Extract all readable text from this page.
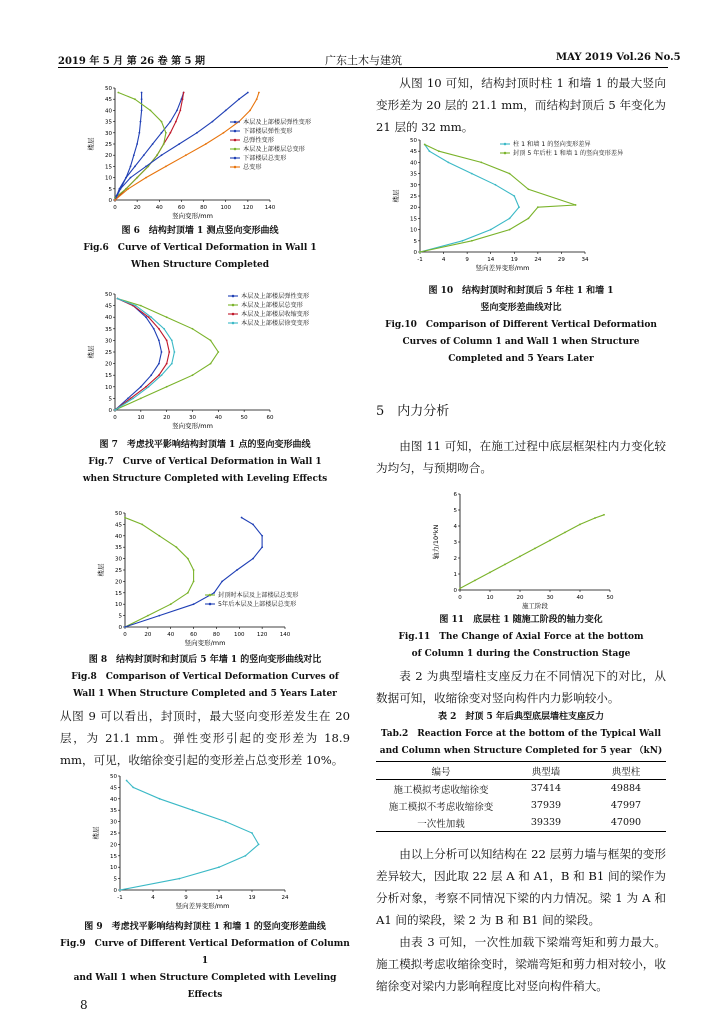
2019 年 5 月 第 26 卷 第 5 期	广东土木与建筑	MAY 2019 Vol.26 No.5
0	20	40	60	80 100 120 140
0
5
10
15
20
25
30
35
40
45
50
竖向变形/mm
楼层
本层及上部楼层弹性变形
下部楼层弹性变形
总弹性变形
本层及上部楼层总变形
下部楼层总变形
总变形
图 6　结构封顶墙 1 测点竖向变形曲线
Fig.6　Curve of Vertical Deformation in Wall 1
When Structure Completed
0	10	20	30	40	50	60
0
5
10
15
20
25
30
35
40
45
50
竖向变形/mm
楼层
本层及上部楼层弹性变形
本层及上部楼层总变形
本层及上部楼层收缩变形
本层及上部楼层徐变变形
图 7　考虑找平影响结构封顶墙 1 点的竖向变形曲线
Fig.7　Curve of Vertical Deformation in Wall 1
when Structure Completed with Leveling Effects
0	20	40	60	80	100 120 140
0
5
10
15
20
25
30
35
40
45
50
竖向变形/mm
楼层
封顶时本层及上部楼层总变形
5年后本层及上部楼层总变形
图 8　结构封顶时和封顶后 5 年墙 1 的竖向变形曲线对比
Fig.8　Comparison of Vertical Deformation Curves of
Wall 1 When Structure Completed and 5 Years Later
从图 9 可以看出，封顶时，最大竖向变形差发生在 20 层，为 21.1 mm。弹性变形引起的变形差为 18.9 mm，可见，收缩徐变引起的变形差占总变形差 10%。
-1	4	9	14	19	24
0
5
10
15
20
25
30
35
40
45
50
竖向差异变形/mm
楼层
图 9　考虑找平影响结构封顶柱 1 和墙 1 的竖向变形差曲线
Fig.9　Curve of Different Vertical Deformation of Column 1
and Wall 1 when Structure Completed with Leveling Effects
8
从图 10 可知，结构封顶时柱 1 和墙 1 的最大竖向变形差为 20 层的 21.1 mm，而结构封顶后 5 年变化为 21 层的 32 mm。
-1	4	9	14	19	24	29	34
0
5
10
15
20
25
30
35
40
45
50
竖向差异变形/mm
楼层
柱 1 和墙 1 的竖向变形差异
封顶 5 年后柱 1 和墙 1 的竖向变形差异
图 10　结构封顶时和封顶后 5 年柱 1 和墙 1
竖向变形差曲线对比
Fig.10　Comparison of Different Vertical Deformation
Curves of Column 1 and Wall 1 when Structure
Completed and 5 Years Later
5　内力分析
由图 11 可知，在施工过程中底层框架柱内力变化较为均匀，与预期吻合。
0	10	20	30	40	50
0
1
2
3
4
5
6
施工阶段
轴力/10⁴kN
图 11　底层柱 1 随施工阶段的轴力变化
Fig.11　The Change of Axial Force at the bottom
of Column 1 during the Construction Stage
表 2 为典型墙柱支座反力在不同情况下的对比，从数据可知，收缩徐变对竖向构件内力影响较小。
表 2　封顶 5 年后典型底层墙柱支座反力
Tab.2　Reaction Force at the bottom of the Typical Wall
and Column when Structure Completed for 5 year （kN)
编号	典型墙	典型柱
施工模拟考虑收缩徐变	37414	49884
施工模拟不考虑收缩徐变	37939	47997
一次性加载	39339	47090
由以上分析可以知结构在 22 层剪力墙与框架的变形差异较大，因此取 22 层 A 和 A1，B 和 B1 间的梁作为分析对象，考察不同情况下梁的内力情况。梁 1 为 A 和 A1 间的梁段，梁 2 为 B 和 B1 间的梁段。
由表 3 可知，一次性加载下梁端弯矩和剪力最大。施工模拟考虑收缩徐变时，梁端弯矩和剪力相对较小，收缩徐变对梁内力影响程度比对竖向构件稍大。
